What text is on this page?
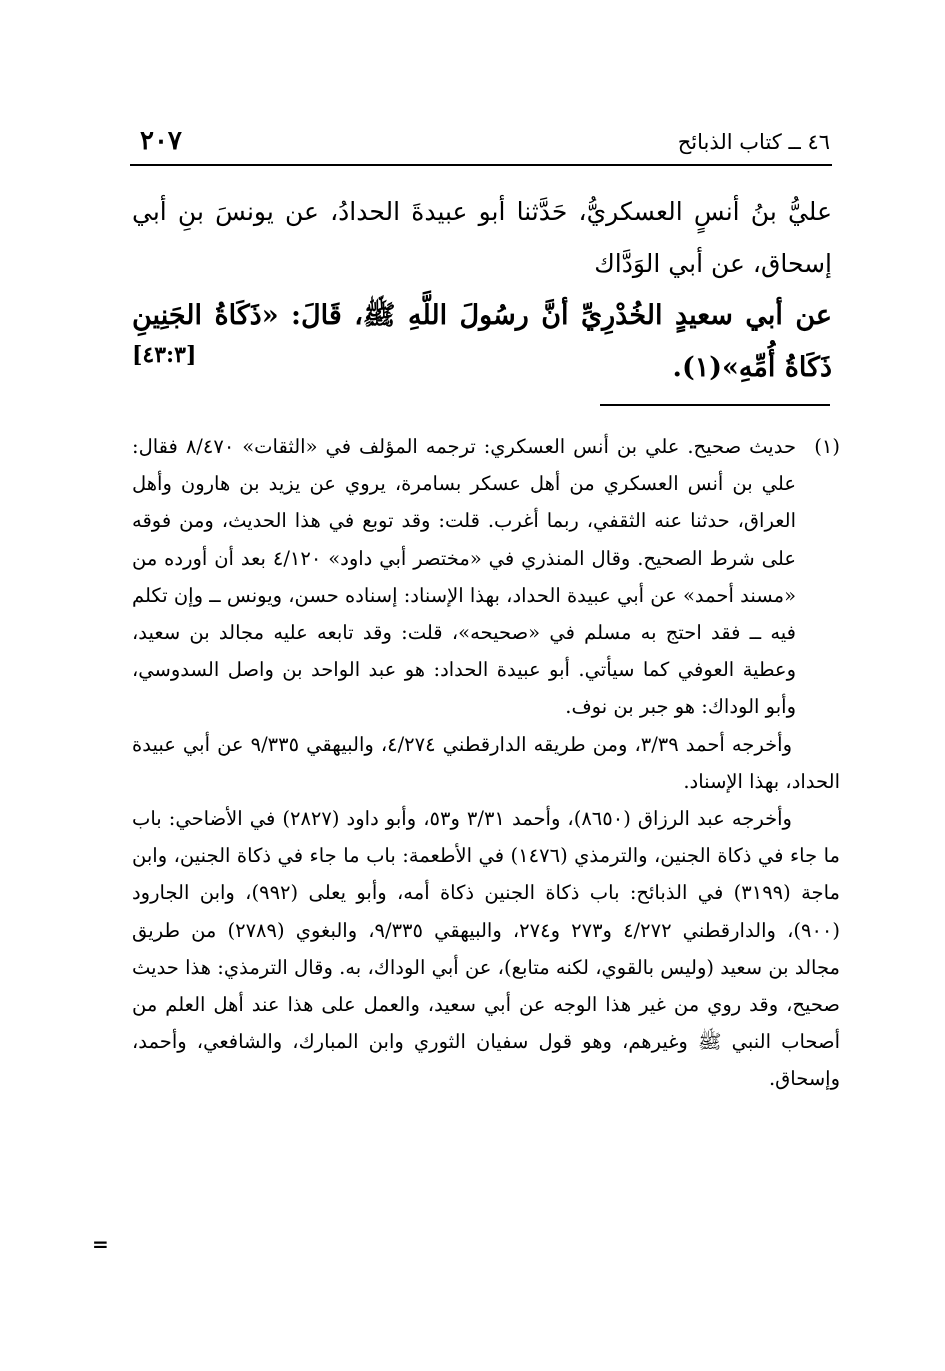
٢٠٧	٤٦ ــ كتاب الذبائح

عليُّ بنُ أنسٍ العسكريُّ، حَدَّثنا أبو عبيدةَ الحدادُ، عن يونسَ بنِ أبي إسحاق، عن أبي الوَدَّاك

عن أبي سعيدٍ الخُدْرِيِّ أنَّ رسُولَ اللَّهِ ﷺ، قَالَ: «ذَكَاةُ الجَنِينِ ذَكَاةُ أُمِّهِ»(١).

[٤٣:٣]

(١)
حديث صحيح. علي بن أنس العسكري: ترجمه المؤلف في «الثقات» ٨/٤٧٠ فقال: علي بن أنس العسكري من أهل عسكر بسامرة، يروي عن يزيد بن هارون وأهل العراق، حدثنا عنه الثقفي، ربما أغرب. قلت: وقد توبع في هذا الحديث، ومن فوقه على شرط الصحيح. وقال المنذري في «مختصر أبي داود» ٤/١٢٠ بعد أن أورده من «مسند أحمد» عن أبي عبيدة الحداد، بهذا الإسناد: إسناده حسن، ويونس ــ وإن تكلم فيه ــ فقد احتج به مسلم في «صحيحه»، قلت: وقد تابعه عليه مجالد بن سعيد، وعطية العوفي كما سيأتي. أبو عبيدة الحداد: هو عبد الواحد بن واصل السدوسي، وأبو الوداك: هو جبر بن نوف.

وأخرجه أحمد ٣/٣٩، ومن طريقه الدارقطني ٤/٢٧٤، والبيهقي ٩/٣٣٥ عن أبي عبيدة الحداد، بهذا الإسناد.

وأخرجه عبد الرزاق (٨٦٥٠)، وأحمد ٣/٣١ و٥٣، وأبو داود (٢٨٢٧) في الأضاحي: باب ما جاء في ذكاة الجنين، والترمذي (١٤٧٦) في الأطعمة: باب ما جاء في ذكاة الجنين، وابن ماجة (٣١٩٩) في الذبائح: باب ذكاة الجنين ذكاة أمه، وأبو يعلى (٩٩٢)، وابن الجارود (٩٠٠)، والدارقطني ٤/٢٧٢ و٢٧٣ و٢٧٤، والبيهقي ٩/٣٣٥، والبغوي (٢٧٨٩) من طريق مجالد بن سعيد (وليس بالقوي، لكنه متابع)، عن أبي الوداك، به. وقال الترمذي: هذا حديث صحيح، وقد روي من غير هذا الوجه عن أبي سعيد، والعمل على هذا عند أهل العلم من أصحاب النبي ﷺ وغيرهم، وهو قول سفيان الثوري وابن المبارك، والشافعي، وأحمد، وإسحاق.

=
